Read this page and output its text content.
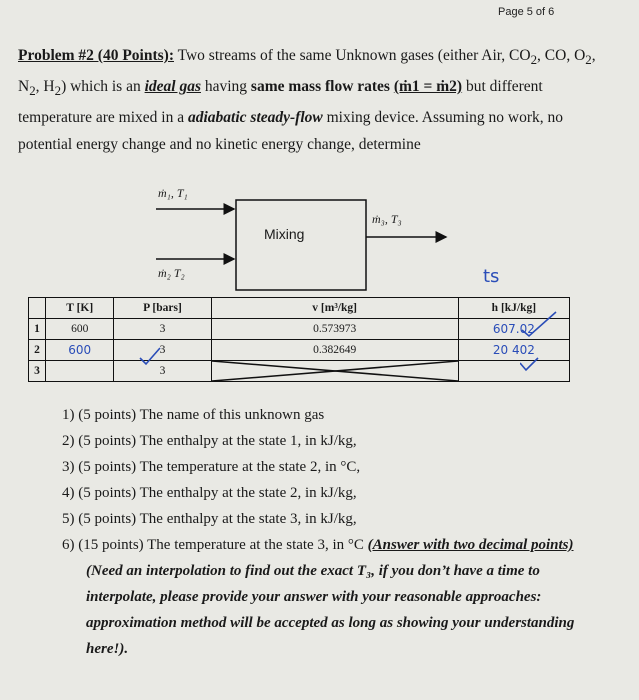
Page 5 of 6
Problem #2 (40 Points): Two streams of the same Unknown gases (either Air, $CO_2$, CO, $O_2$, $N_2$, $H_2$) which is an ideal gas having same mass flow rates (ṁ1 = ṁ2) but different temperature are mixed in a adiabatic steady-flow mixing device. Assuming no work, no potential energy change and no kinetic energy change, determine
ṁ₁, T₁
ṁ₂ T₂
ṁ₃, T₃
Mixing
ts
	T [K]	P [bars]	v [m³/kg]	h [kJ/kg]
1	600	3	0.573973	607.02
2	600	3	0.382649	20 402
3		3	

1) (5 points) The name of this unknown gas
2) (5 points) The enthalpy at the state 1, in kJ/kg,
3) (5 points) The temperature at the state 2, in °C,
4) (5 points) The enthalpy at the state 2, in kJ/kg,
5) (5 points) The enthalpy at the state 3, in kJ/kg,
6) (15 points) The temperature at the state 3, in °C (Answer with two decimal points) (Need an interpolation to find out the exact T₃, if you don’t have a time to interpolate, please provide your answer with your reasonable approaches: approximation method will be accepted as long as showing your understanding here!).
